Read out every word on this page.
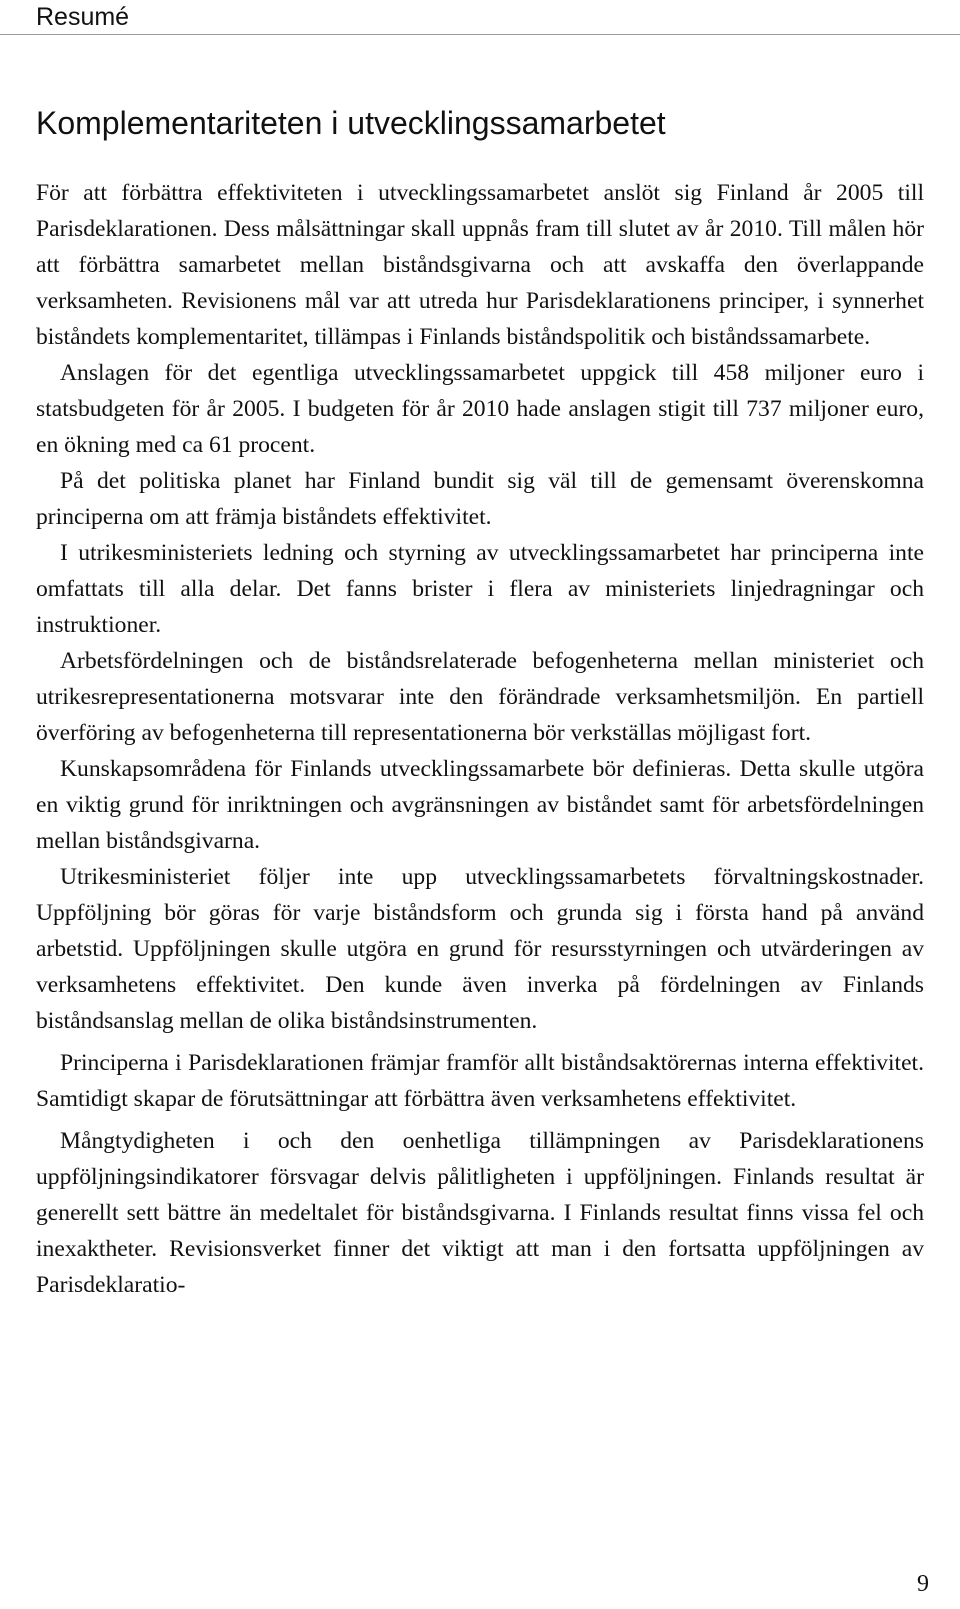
Resumé
Komplementariteten i utvecklingssamarbetet

För att förbättra effektiviteten i utvecklingssamarbetet anslöt sig Finland år 2005 till Parisdeklarationen. Dess målsättningar skall uppnås fram till slutet av år 2010. Till målen hör att förbättra samarbetet mellan biståndsgivarna och att avskaffa den överlappande verksamheten. Revisionens mål var att utreda hur Parisdeklarationens principer, i synnerhet biståndets komplementaritet, tillämpas i Finlands biståndspolitik och biståndssamarbete.

Anslagen för det egentliga utvecklingssamarbetet uppgick till 458 miljoner euro i statsbudgeten för år 2005. I budgeten för år 2010 hade anslagen stigit till 737 miljoner euro, en ökning med ca 61 procent.

På det politiska planet har Finland bundit sig väl till de gemensamt överenskomna principerna om att främja biståndets effektivitet.

I utrikesministeriets ledning och styrning av utvecklingssamarbetet har principerna inte omfattats till alla delar. Det fanns brister i flera av ministeriets linjedragningar och instruktioner.

Arbetsfördelningen och de biståndsrelaterade befogenheterna mellan ministeriet och utrikesrepresentationerna motsvarar inte den förändrade verksamhetsmiljön. En partiell överföring av befogenheterna till representationerna bör verkställas möjligast fort.

Kunskapsområdena för Finlands utvecklingssamarbete bör definieras. Detta skulle utgöra en viktig grund för inriktningen och avgränsningen av biståndet samt för arbetsfördelningen mellan biståndsgivarna.

Utrikesministeriet följer inte upp utvecklingssamarbetets förvaltningskostnader. Uppföljning bör göras för varje biståndsform och grunda sig i första hand på använd arbetstid. Uppföljningen skulle utgöra en grund för resursstyrningen och utvärderingen av verksamhetens effektivitet. Den kunde även inverka på fördelningen av Finlands biståndsanslag mellan de olika biståndsinstrumenten.

Principerna i Parisdeklarationen främjar framför allt biståndsaktörernas interna effektivitet. Samtidigt skapar de förutsättningar att förbättra även verksamhetens effektivitet.

Mångtydigheten i och den oenhetliga tillämpningen av Parisdeklarationens uppföljningsindikatorer försvagar delvis pålitligheten i uppföljningen. Finlands resultat är generellt sett bättre än medeltalet för biståndsgivarna. I Finlands resultat finns vissa fel och inexaktheter. Revisionsverket finner det viktigt att man i den fortsatta uppföljningen av Parisdeklaratio-

9
